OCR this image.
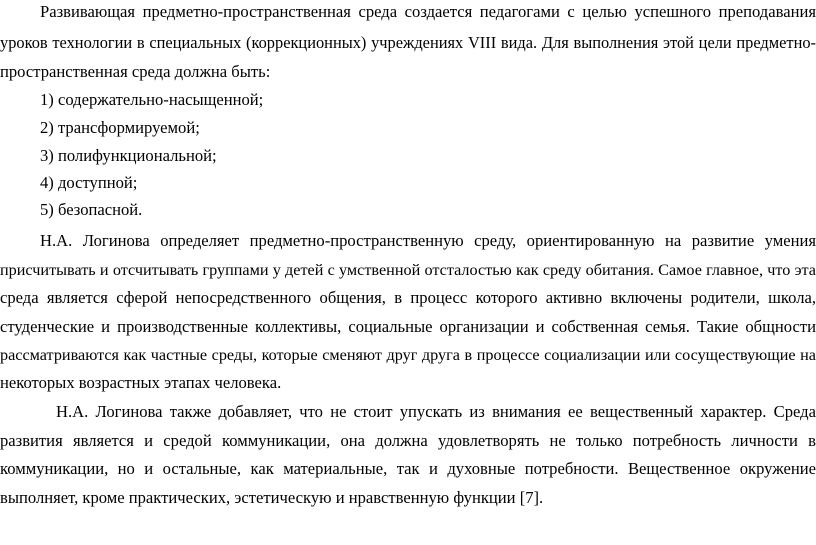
Развивающая предметно-пространственная среда создается педагогами с целью успешного преподавания
уроков технологии в специальных (коррекционных) учреждениях VIII вида. Для выполнения этой цели предметно-
пространственная среда должна быть:
1) содержательно-насыщенной;
2) трансформируемой;
3) полифункциональной;
4) доступной;
5) безопасной.
Н.А. Логинова определяет предметно-пространственную среду, ориентированную на развитие умения
присчитывать и отсчитывать группами у детей с умственной отсталостью как среду обитания. Самое главное, что эта
среда является сферой непосредственного общения, в процесс которого активно включены родители, школа,
студенческие и производственные коллективы, социальные организации и собственная семья. Такие общности
рассматриваются как частные среды, которые сменяют друг друга в процессе социализации или сосуществующие на
некоторых возрастных этапах человека.
Н.А. Логинова также добавляет, что не стоит упускать из внимания ее вещественный характер. Среда
развития является и средой коммуникации, она должна удовлетворять не только потребность личности в
коммуникации, но и остальные, как материальные, так и духовные потребности. Вещественное окружение
выполняет, кроме практических, эстетическую и нравственную функции [7].
